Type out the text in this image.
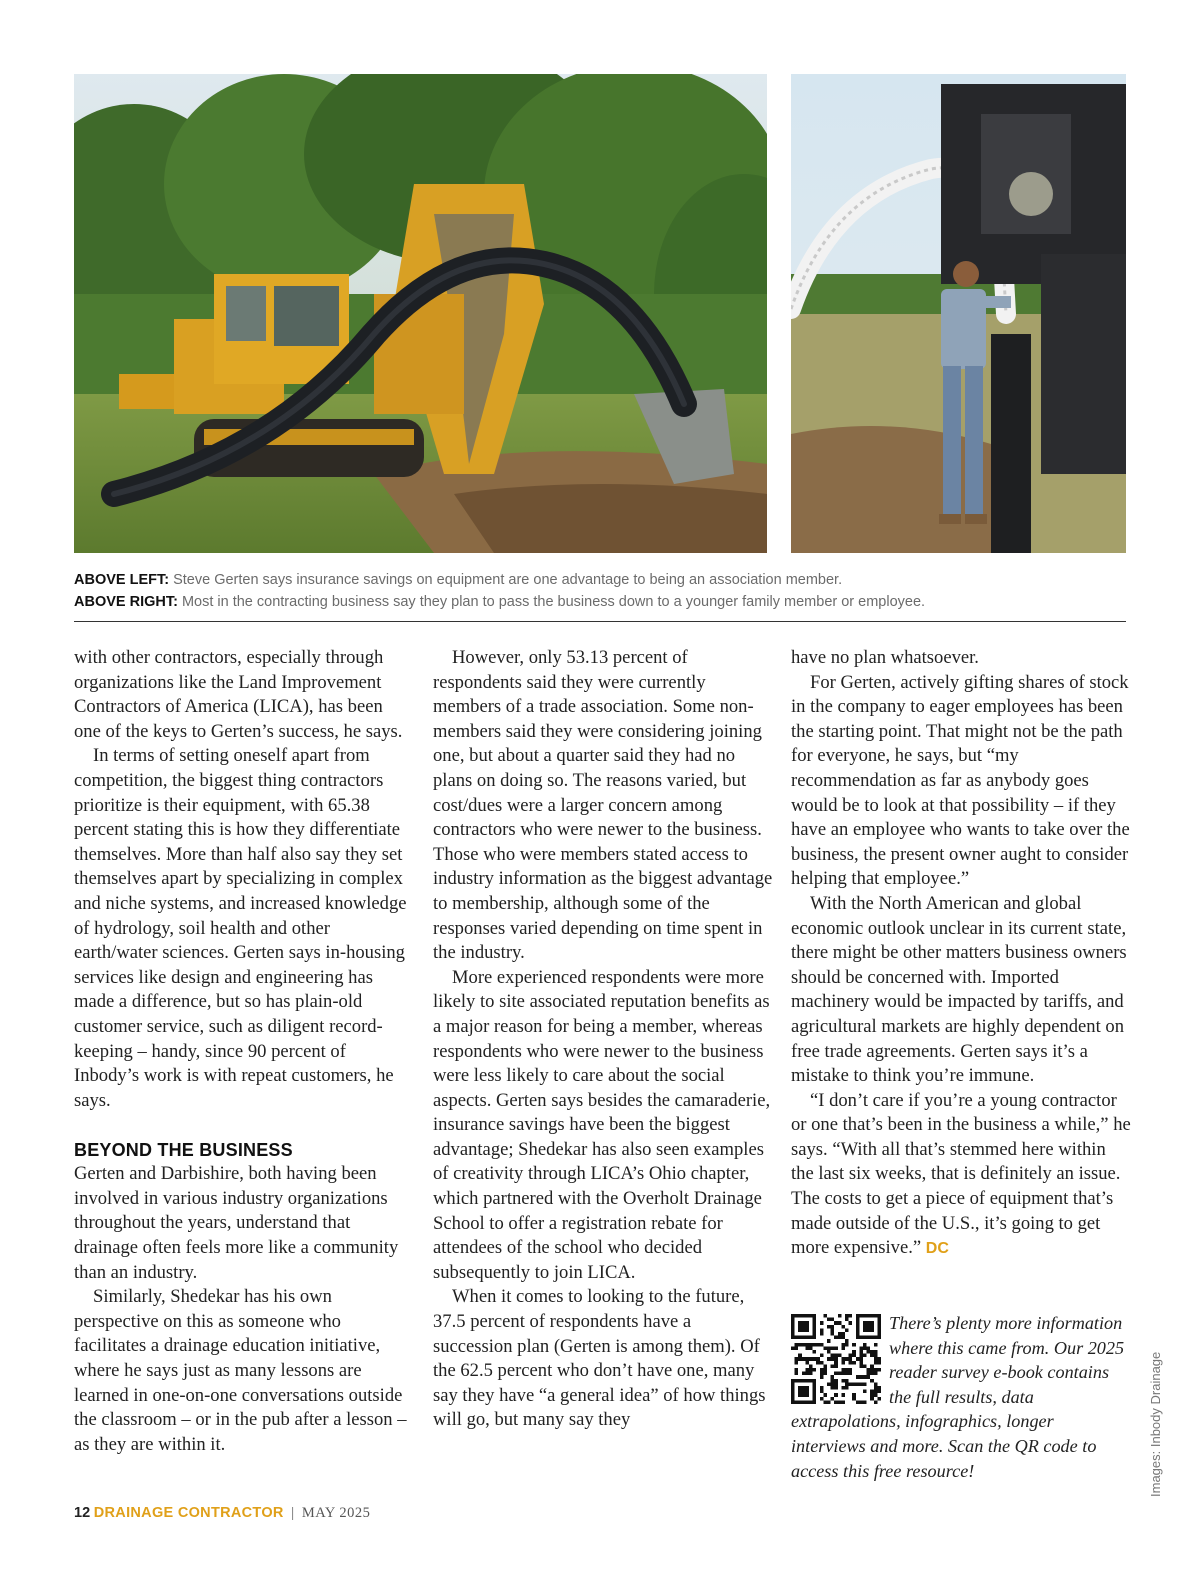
ABOVE LEFT: Steve Gerten says insurance savings on equipment are one advantage to being an association member.
ABOVE RIGHT: Most in the contracting business say they plan to pass the business down to a younger family member or employee.

with other contractors, especially through organizations like the Land Improvement Contractors of America (LICA), has been one of the keys to Gerten’s success, he says.

In terms of setting oneself apart from competition, the biggest thing contractors prioritize is their equipment, with 65.38 percent stating this is how they differentiate themselves. More than half also say they set themselves apart by specializing in complex and niche systems, and increased knowledge of hydrology, soil health and other earth/water sciences. Gerten says in-housing services like design and engineering has made a difference, but so has plain-old customer service, such as diligent record-keeping – handy, since 90 percent of Inbody’s work is with repeat customers, he says.

BEYOND THE BUSINESS

Gerten and Darbishire, both having been involved in various industry organizations throughout the years, understand that drainage often feels more like a community than an industry.

Similarly, Shedekar has his own perspective on this as someone who facilitates a drainage education initiative, where he says just as many lessons are learned in one-on-one conversations outside the classroom – or in the pub after a lesson – as they are within it.

However, only 53.13 percent of respondents said they were currently members of a trade association. Some non-members said they were considering joining one, but about a quarter said they had no plans on doing so. The reasons varied, but cost/dues were a larger concern among contractors who were newer to the business. Those who were members stated access to industry information as the biggest advantage to membership, although some of the responses varied depending on time spent in the industry.

More experienced respondents were more likely to site associated reputation benefits as a major reason for being a member, whereas respondents who were newer to the business were less likely to care about the social aspects. Gerten says besides the camaraderie, insurance savings have been the biggest advantage; Shedekar has also seen examples of creativity through LICA’s Ohio chapter, which partnered with the Overholt Drainage School to offer a registration rebate for attendees of the school who decided subsequently to join LICA.

When it comes to looking to the future, 37.5 percent of respondents have a succession plan (Gerten is among them). Of the 62.5 percent who don’t have one, many say they have “a general idea” of how things will go, but many say they

have no plan whatsoever.

For Gerten, actively gifting shares of stock in the company to eager employees has been the starting point. That might not be the path for everyone, he says, but “my recommendation as far as anybody goes would be to look at that possibility – if they have an employee who wants to take over the business, the present owner aught to consider helping that employee.”

With the North American and global economic outlook unclear in its current state, there might be other matters business owners should be concerned with. Imported machinery would be impacted by tariffs, and agricultural markets are highly dependent on free trade agreements. Gerten says it’s a mistake to think you’re immune.

“I don’t care if you’re a young contractor or one that’s been in the business a while,” he says. “With all that’s stemmed here within the last six weeks, that is definitely an issue. The costs to get a piece of equipment that’s made outside of the U.S., it’s going to get more expensive.” DC

There’s plenty more information where this came from. Our 2025 reader survey e-book contains the full results, data extrapolations, infographics, longer interviews and more. Scan the QR code to access this free resource!	Images: Inbody Drainage
12 DRAINAGE CONTRACTOR | MAY 2025
